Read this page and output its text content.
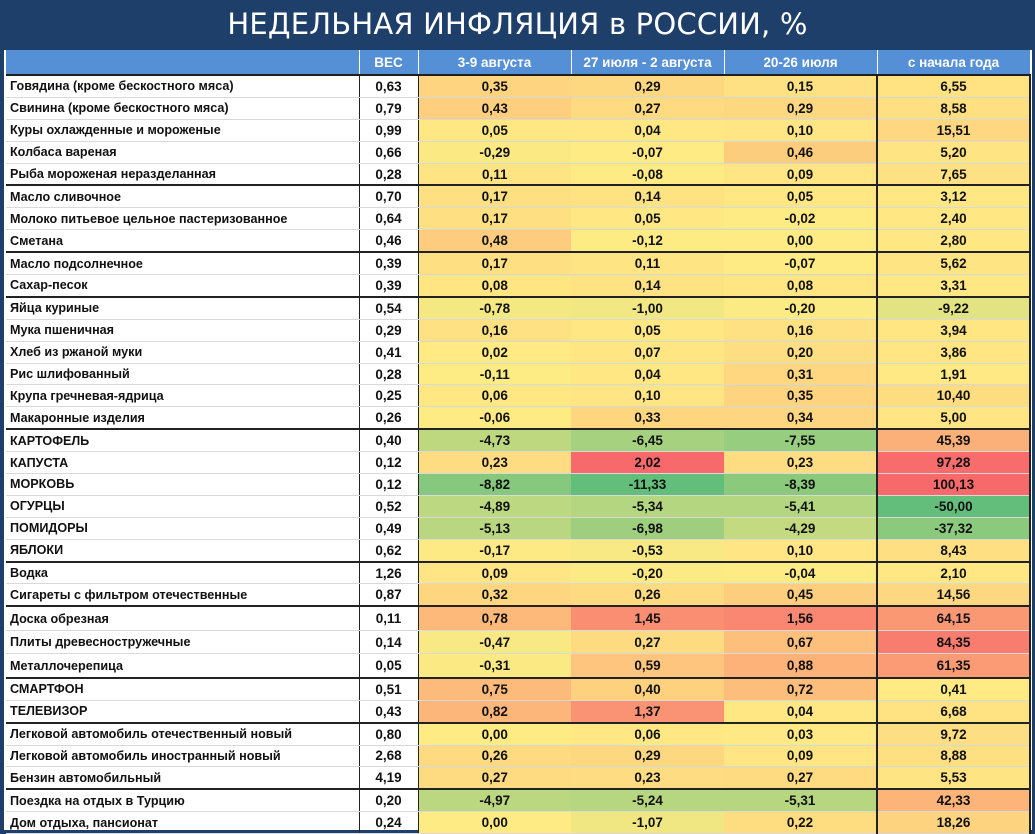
НЕДЕЛЬНАЯ ИНФЛЯЦИЯ в РОССИИ, %
	ВЕС	3-9 августа	27 июля - 2 августа	20-26 июля	с начала года
Говядина (кроме бескостного мяса)	0,63	0,35	0,29	0,15	6,55
Свинина (кроме бескостного мяса)	0,79	0,43	0,27	0,29	8,58
Куры охлажденные и мороженые	0,99	0,05	0,04	0,10	15,51
Колбаса вареная	0,66	-0,29	-0,07	0,46	5,20
Рыба мороженая неразделанная	0,28	0,11	-0,08	0,09	7,65
Масло сливочное	0,70	0,17	0,14	0,05	3,12
Молоко питьевое цельное пастеризованное	0,64	0,17	0,05	-0,02	2,40
Сметана	0,46	0,48	-0,12	0,00	2,80
Масло подсолнечное	0,39	0,17	0,11	-0,07	5,62
Сахар-песок	0,39	0,08	0,14	0,08	3,31
Яйца куриные	0,54	-0,78	-1,00	-0,20	-9,22
Мука пшеничная	0,29	0,16	0,05	0,16	3,94
Хлеб из ржаной муки	0,41	0,02	0,07	0,20	3,86
Рис шлифованный	0,28	-0,11	0,04	0,31	1,91
Крупа гречневая-ядрица	0,25	0,06	0,10	0,35	10,40
Макаронные изделия	0,26	-0,06	0,33	0,34	5,00
КАРТОФЕЛЬ	0,40	-4,73	-6,45	-7,55	45,39
КАПУСТА	0,12	0,23	2,02	0,23	97,28
МОРКОВЬ	0,12	-8,82	-11,33	-8,39	100,13
ОГУРЦЫ	0,52	-4,89	-5,34	-5,41	-50,00
ПОМИДОРЫ	0,49	-5,13	-6,98	-4,29	-37,32
ЯБЛОКИ	0,62	-0,17	-0,53	0,10	8,43
Водка	1,26	0,09	-0,20	-0,04	2,10
Сигареты с фильтром отечественные	0,87	0,32	0,26	0,45	14,56
Доска обрезная	0,11	0,78	1,45	1,56	64,15
Плиты древесностружечные	0,14	-0,47	0,27	0,67	84,35
Металлочерепица	0,05	-0,31	0,59	0,88	61,35
СМАРТФОН	0,51	0,75	0,40	0,72	0,41
ТЕЛЕВИЗОР	0,43	0,82	1,37	0,04	6,68
Легковой автомобиль отечественный новый	0,80	0,00	0,06	0,03	9,72
Легковой автомобиль иностранный новый	2,68	0,26	0,29	0,09	8,88
Бензин автомобильный	4,19	0,27	0,23	0,27	5,53
Поездка на отдых в Турцию	0,20	-4,97	-5,24	-5,31	42,33
Дом отдыха, пансионат	0,24	0,00	-1,07	0,22	18,26
